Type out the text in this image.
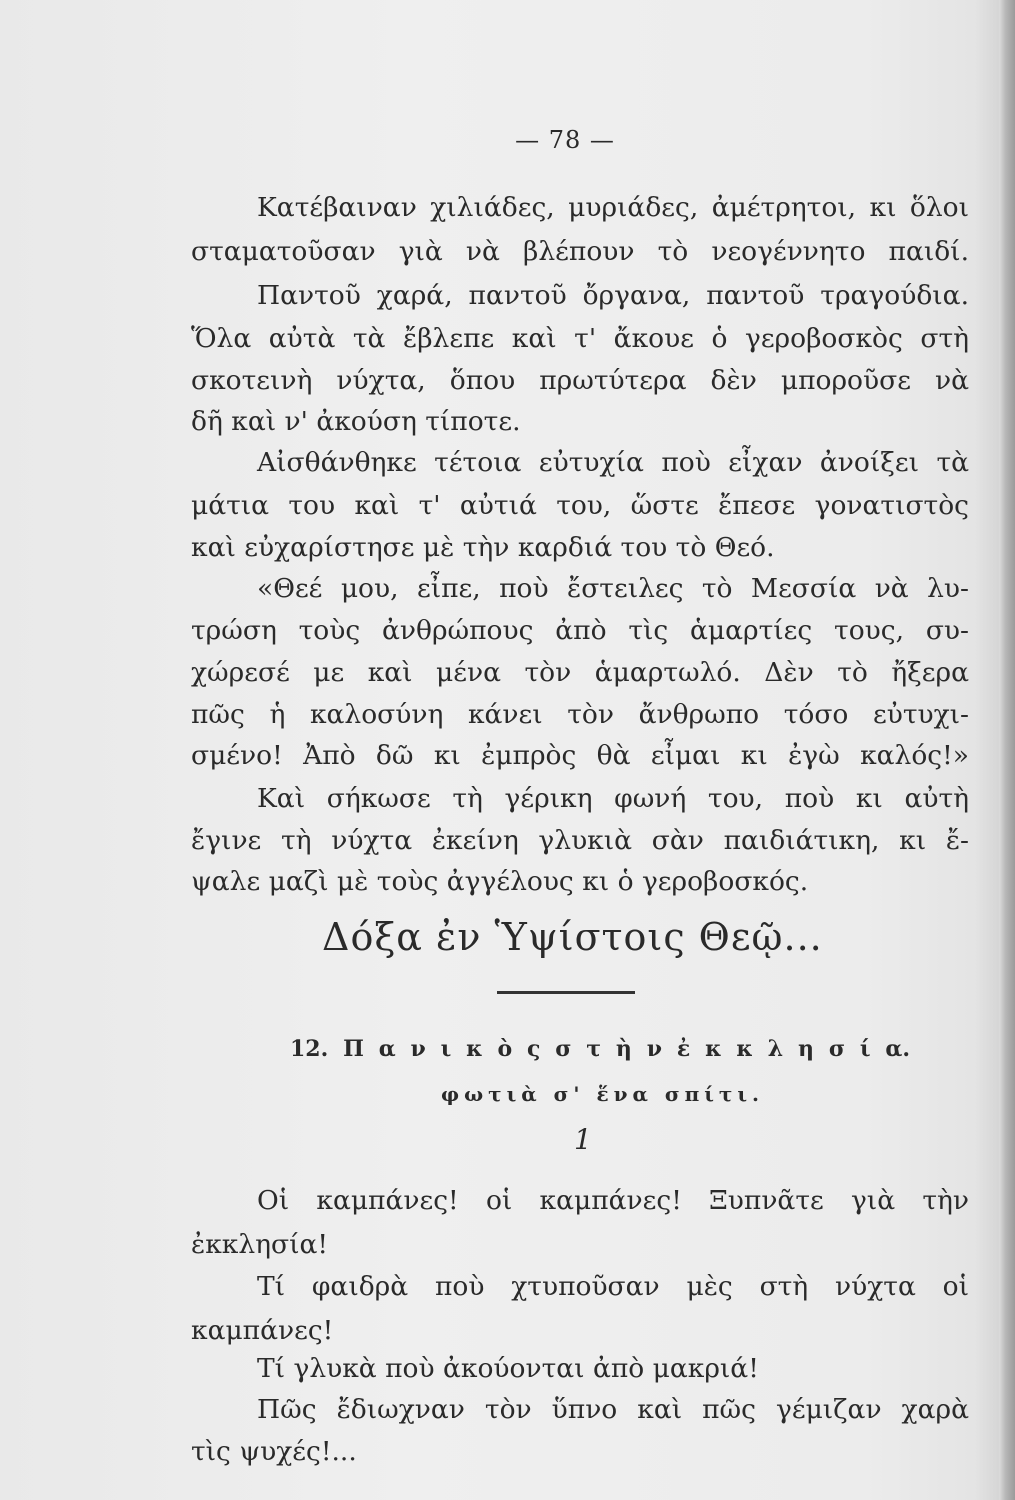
— 78 —
Κατέβαιναν χιλιάδες, μυριάδες, ἀμέτρητοι, κι ὅλοι
σταματοῦσαν γιὰ νὰ βλέπουν τὸ νεογέννητο παιδί.
Παντοῦ χαρά, παντοῦ ὄργανα, παντοῦ τραγούδια.
Ὅλα αὐτὰ τὰ ἔβλεπε καὶ τ' ἄκουε ὁ γεροβοσκὸς στὴ
σκοτεινὴ νύχτα, ὅπου πρωτύτερα δὲν μποροῦσε νὰ
δῆ καὶ ν' ἀκούση τίποτε.
Αἰσθάνθηκε τέτοια εὐτυχία ποὺ εἶχαν ἀνοίξει τὰ
μάτια του καὶ τ' αὐτιά του, ὥστε ἔπεσε γονατιστὸς
καὶ εὐχαρίστησε μὲ τὴν καρδιά του τὸ Θεό.
«Θεέ μου, εἶπε, ποὺ ἔστειλες τὸ Μεσσία νὰ λυ-
τρώση τοὺς ἀνθρώπους ἀπὸ τὶς ἁμαρτίες τους, συ-
χώρεσέ με καὶ μένα τὸν ἁμαρτωλό. Δὲν τὸ ἤξερα
πῶς ἡ καλοσύνη κάνει τὸν ἄνθρωπο τόσο εὐτυχι-
σμένο! Ἀπὸ δῶ κι ἐμπρὸς θὰ εἶμαι κι ἐγὼ καλός!»
Καὶ σήκωσε τὴ γέρικη φωνή του, ποὺ κι αὐτὴ
ἔγινε τὴ νύχτα ἐκείνη γλυκιὰ σὰν παιδιάτικη, κι ἔ-
ψαλε μαζὶ μὲ τοὺς ἀγγέλους κι ὁ γεροβοσκός.
Δόξα ἐν Ὑψίστοις Θεῷ...
12. Π α ν ι κ ὸ ς σ τ ὴ ν ἐ κ κ λ η σ ί α.
φωτιὰ σ' ἕνα σπίτι.
1
Οἱ καμπάνες! οἱ καμπάνες! Ξυπνᾶτε γιὰ τὴν
ἐκκλησία!
Τί φαιδρὰ ποὺ χτυποῦσαν μὲς στὴ νύχτα οἱ
καμπάνες!
Τί γλυκὰ ποὺ ἀκούονται ἀπὸ μακριά!
Πῶς ἔδιωχναν τὸν ὕπνο καὶ πῶς γέμιζαν χαρὰ
τὶς ψυχές!...
